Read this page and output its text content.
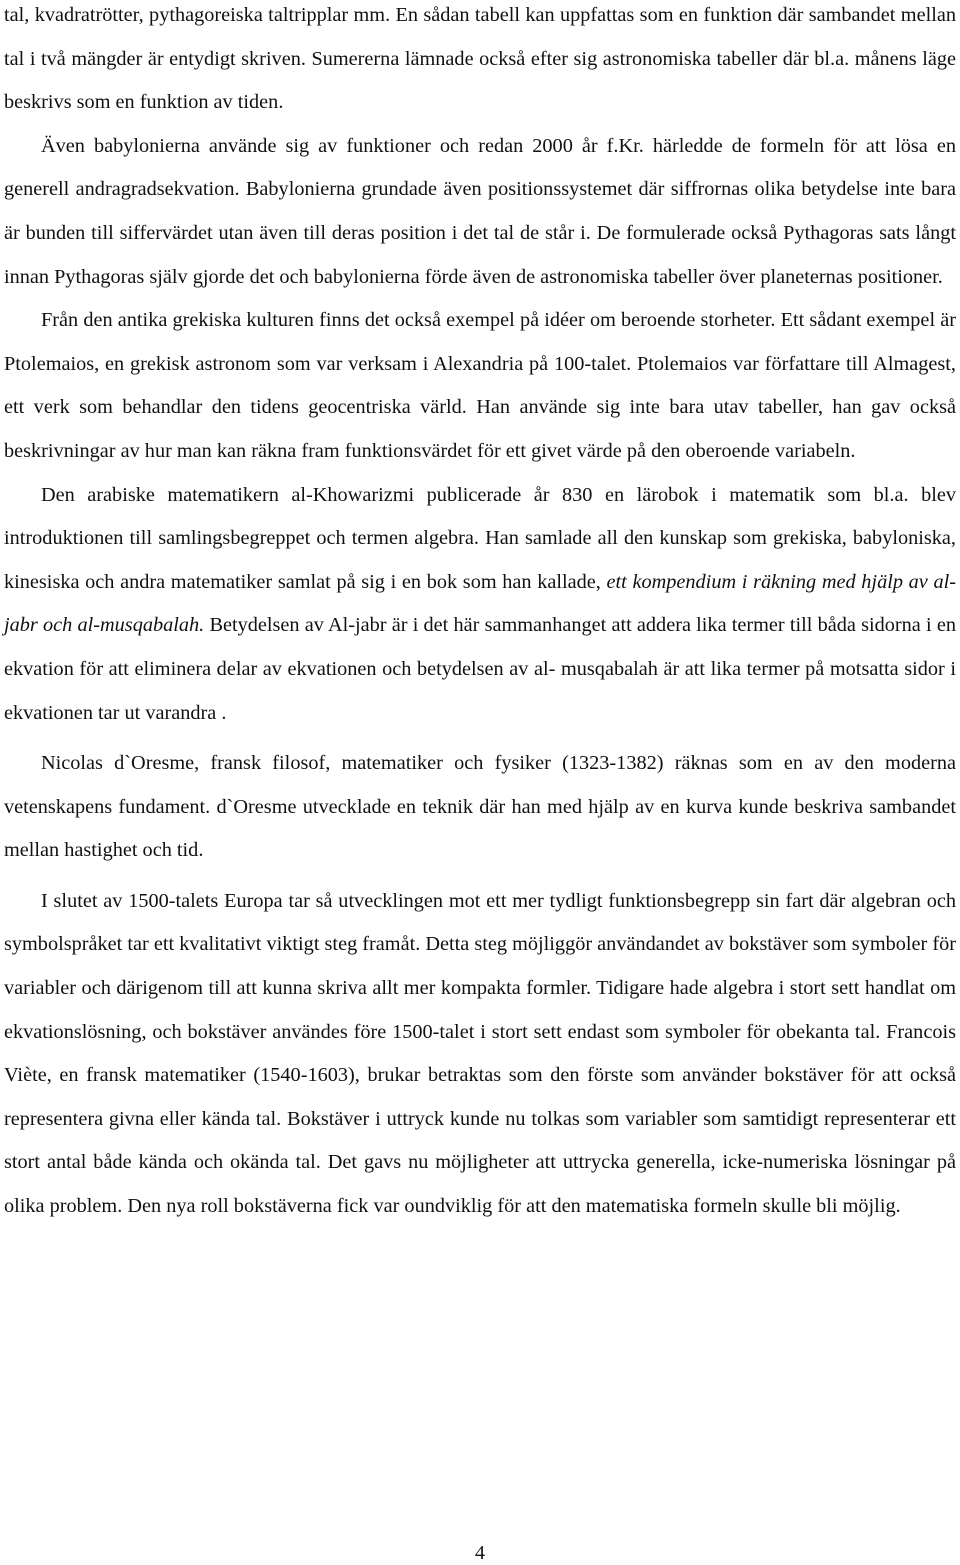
tal, kvadratrötter, pythagoreiska taltripplar mm. En sådan tabell kan uppfattas som en funktion där sambandet mellan tal i två mängder är entydigt skriven. Sumererna lämnade också efter sig astronomiska tabeller där bl.a. månens läge beskrivs som en funktion av tiden.

Även babylonierna använde sig av funktioner och redan 2000 år f.Kr. härledde de formeln för att lösa en generell andragradsekvation. Babylonierna grundade även positionssystemet där siffrornas olika betydelse inte bara är bunden till siffervärdet utan även till deras position i det tal de står i. De formulerade också Pythagoras sats långt innan Pythagoras själv gjorde det och babylonierna förde även de astronomiska tabeller över planeternas positioner.

Från den antika grekiska kulturen finns det också exempel på idéer om beroende storheter. Ett sådant exempel är Ptolemaios, en grekisk astronom som var verksam i Alexandria på 100-talet. Ptolemaios var författare till Almagest, ett verk som behandlar den tidens geocentriska värld. Han använde sig inte bara utav tabeller, han gav också beskrivningar av hur man kan räkna fram funktionsvärdet för ett givet värde på den oberoende variabeln.

Den arabiske matematikern al-Khowarizmi publicerade år 830 en lärobok i matematik som bl.a. blev introduktionen till samlingsbegreppet och termen algebra. Han samlade all den kunskap som grekiska, babyloniska, kinesiska och andra matematiker samlat på sig i en bok som han kallade, ett kompendium i räkning med hjälp av al-jabr och al-musqabalah. Betydelsen av Al-jabr är i det här sammanhanget att addera lika termer till båda sidorna i en ekvation för att eliminera delar av ekvationen och betydelsen av al- musqabalah är att lika termer på motsatta sidor i ekvationen tar ut varandra .

Nicolas d`Oresme, fransk filosof, matematiker och fysiker (1323-1382) räknas som en av den moderna vetenskapens fundament. d`Oresme utvecklade en teknik där han med hjälp av en kurva kunde beskriva sambandet mellan hastighet och tid.

I slutet av 1500-talets Europa tar så utvecklingen mot ett mer tydligt funktionsbegrepp sin fart där algebran och symbolspråket tar ett kvalitativt viktigt steg framåt. Detta steg möjliggör användandet av bokstäver som symboler för variabler och därigenom till att kunna skriva allt mer kompakta formler. Tidigare hade algebra i stort sett handlat om ekvationslösning, och bokstäver användes före 1500-talet i stort sett endast som symboler för obekanta tal. Francois Viète, en fransk matematiker (1540-1603), brukar betraktas som den förste som använder bokstäver för att också representera givna eller kända tal. Bokstäver i uttryck kunde nu tolkas som variabler som samtidigt representerar ett stort antal både kända och okända tal. Det gavs nu möjligheter att uttrycka generella, icke-numeriska lösningar på olika problem. Den nya roll bokstäverna fick var oundviklig för att den matematiska formeln skulle bli möjlig.

4
